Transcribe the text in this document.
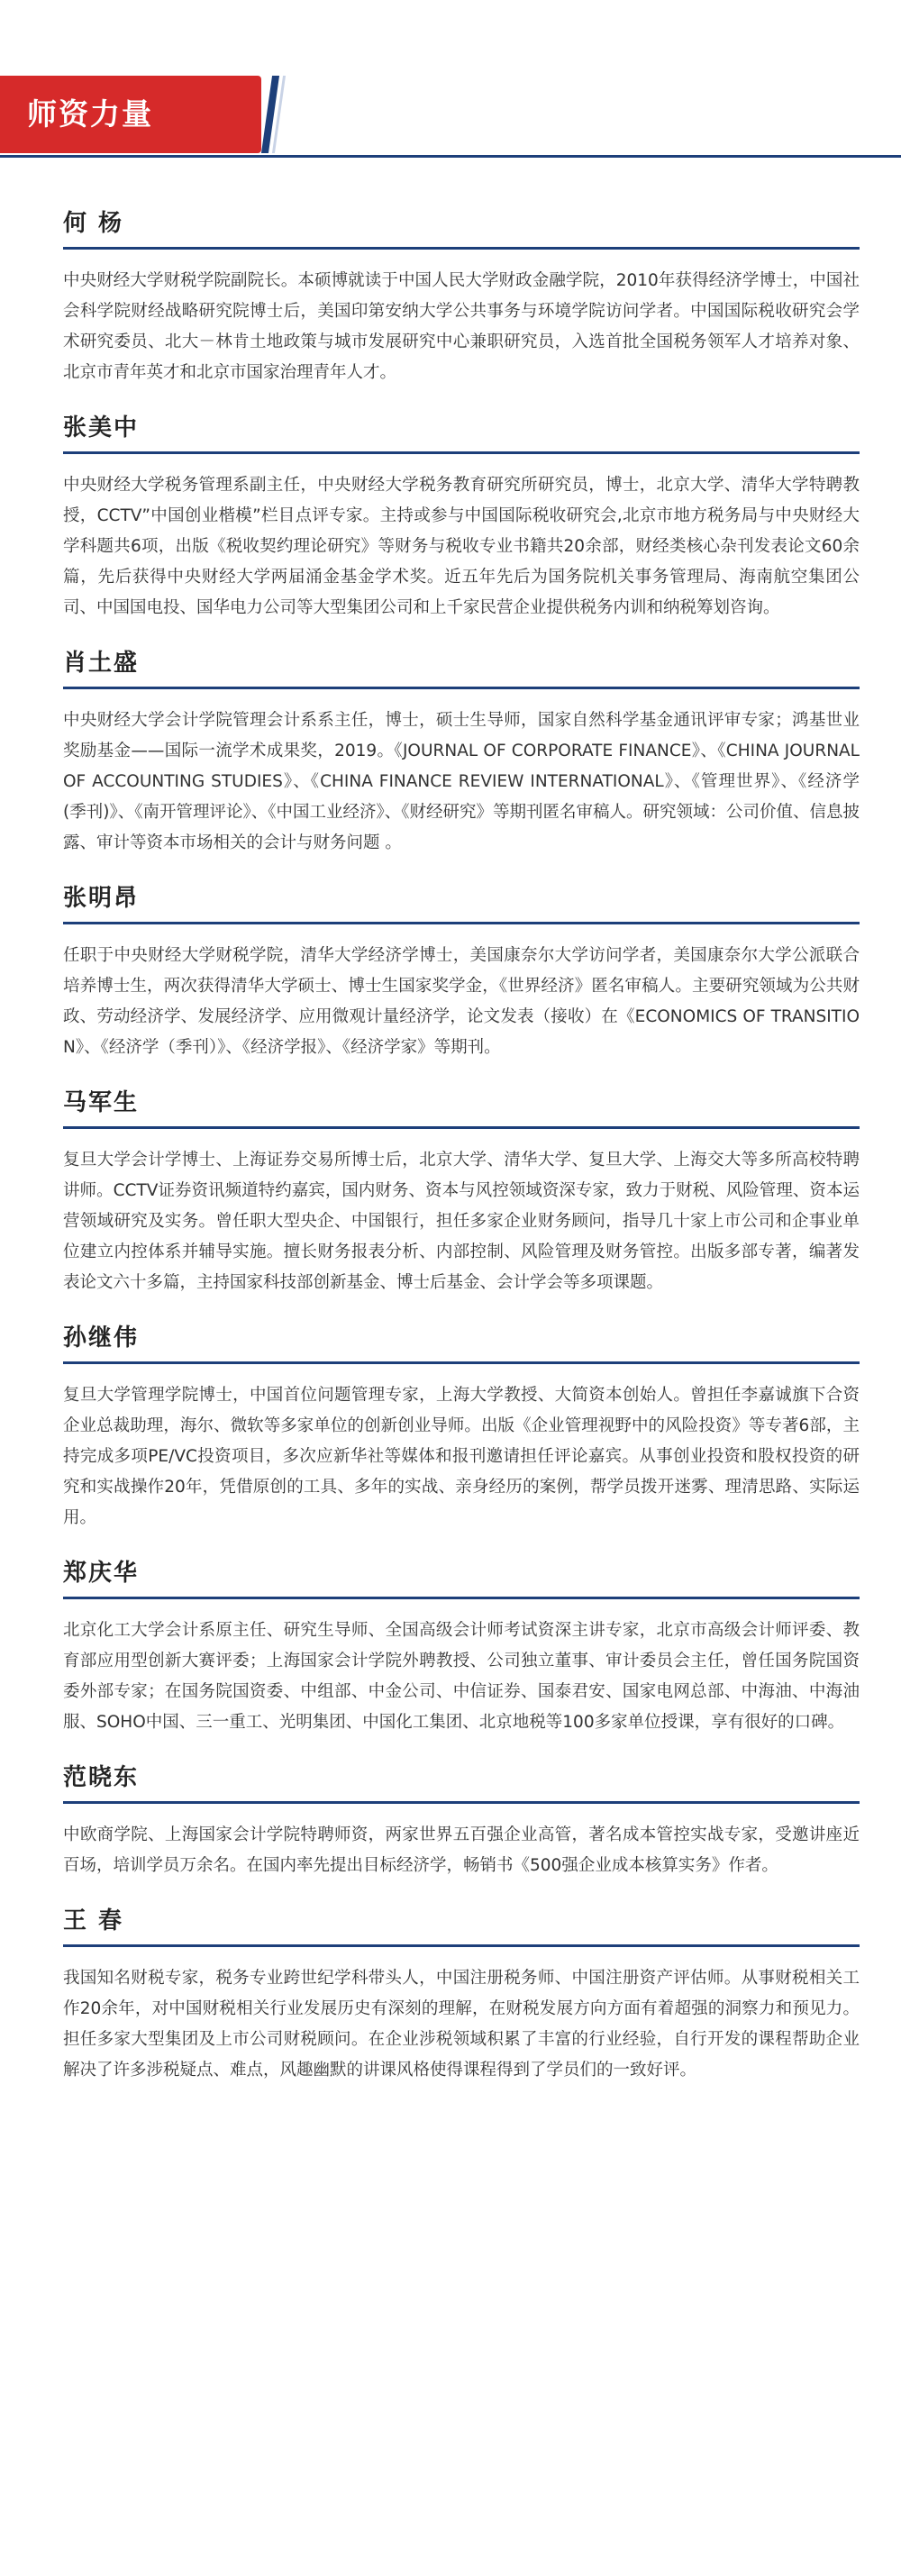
师资力量
何 杨

中央财经大学财税学院副院长。本硕博就读于中国人民大学财政金融学院，2010年获得经济学博士，中国社会科学院财经战略研究院博士后，美国印第安纳大学公共事务与环境学院访问学者。中国国际税收研究会学术研究委员、北大－林肯土地政策与城市发展研究中心兼职研究员，入选首批全国税务领军人才培养对象、北京市青年英才和北京市国家治理青年人才。

张美中

中央财经大学税务管理系副主任，中央财经大学税务教育研究所研究员，博士，北京大学、清华大学特聘教授，CCTV”中国创业楷模”栏目点评专家。主持或参与中国国际税收研究会,北京市地方税务局与中央财经大学科题共6项，出版《税收契约理论研究》等财务与税收专业书籍共20余部，财经类核心杂刊发表论文60余篇，先后获得中央财经大学两届涌金基金学术奖。近五年先后为国务院机关事务管理局、海南航空集团公司、中国国电投、国华电力公司等大型集团公司和上千家民营企业提供税务内训和纳税筹划咨询。

肖土盛

中央财经大学会计学院管理会计系系主任，博士，硕士生导师，国家自然科学基金通讯评审专家；鸿基世业奖励基金——国际一流学术成果奖，2019。《JOURNAL OF CORPORATE FINANCE》、《CHINA JOURNAL OF ACCOUNTING STUDIES》、《CHINA FINANCE REVIEW INTERNATIONAL》、《管理世界》、《经济学(季刊)》、《南开管理评论》、《中国工业经济》、《财经研究》等期刊匿名审稿人。研究领域：公司价值、信息披露、审计等资本市场相关的会计与财务问题 。

张明昂

任职于中央财经大学财税学院，清华大学经济学博士，美国康奈尔大学访问学者，美国康奈尔大学公派联合培养博士生，两次获得清华大学硕士、博士生国家奖学金，《世界经济》匿名审稿人。主要研究领域为公共财政、劳动经济学、发展经济学、应用微观计量经济学，论文发表（接收）在《ECONOMICS OF TRANSITION》、《经济学（季刊）》、《经济学报》、《经济学家》等期刊。

马军生

复旦大学会计学博士、上海证券交易所博士后，北京大学、清华大学、复旦大学、上海交大等多所高校特聘讲师。CCTV证券资讯频道特约嘉宾，国内财务、资本与风控领域资深专家，致力于财税、风险管理、资本运营领域研究及实务。曾任职大型央企、中国银行，担任多家企业财务顾问，指导几十家上市公司和企事业单位建立内控体系并辅导实施。擅长财务报表分析、内部控制、风险管理及财务管控。出版多部专著，编著发表论文六十多篇，主持国家科技部创新基金、博士后基金、会计学会等多项课题。

孙继伟

复旦大学管理学院博士，中国首位问题管理专家，上海大学教授、大简资本创始人。曾担任李嘉诚旗下合资企业总裁助理，海尔、微软等多家单位的创新创业导师。出版《企业管理视野中的风险投资》等专著6部，主持完成多项PE/VC投资项目，多次应新华社等媒体和报刊邀请担任评论嘉宾。从事创业投资和股权投资的研究和实战操作20年，凭借原创的工具、多年的实战、亲身经历的案例，帮学员拨开迷雾、理清思路、实际运用。

郑庆华

北京化工大学会计系原主任、研究生导师、全国高级会计师考试资深主讲专家，北京市高级会计师评委、教育部应用型创新大赛评委；上海国家会计学院外聘教授、公司独立董事、审计委员会主任，曾任国务院国资委外部专家；在国务院国资委、中组部、中金公司、中信证券、国泰君安、国家电网总部、中海油、中海油服、SOHO中国、三一重工、光明集团、中国化工集团、北京地税等100多家单位授课，享有很好的口碑。

范晓东

中欧商学院、上海国家会计学院特聘师资，两家世界五百强企业高管，著名成本管控实战专家，受邀讲座近百场，培训学员万余名。在国内率先提出目标经济学，畅销书《500强企业成本核算实务》作者。

王 春

我国知名财税专家，税务专业跨世纪学科带头人，中国注册税务师、中国注册资产评估师。从事财税相关工作20余年，对中国财税相关行业发展历史有深刻的理解，在财税发展方向方面有着超强的洞察力和预见力。担任多家大型集团及上市公司财税顾问。在企业涉税领域积累了丰富的行业经验，自行开发的课程帮助企业解决了许多涉税疑点、难点，风趣幽默的讲课风格使得课程得到了学员们的一致好评。
